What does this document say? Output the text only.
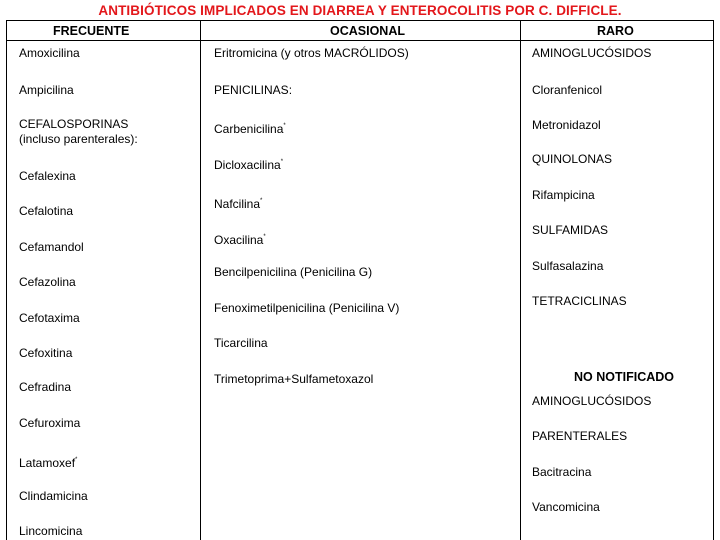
ANTIBIÓTICOS IMPLICADOS EN DIARREA Y ENTEROCOLITIS POR C. DIFFICLE.
FRECUENTE	OCASIONAL	RARO
Amoxicilina
Ampicilina
CEFALOSPORINAS
(incluso parenterales):
Cefalexina
Cefalotina
Cefamandol
Cefazolina
Cefotaxima
Cefoxitina
Cefradina
Cefuroxima
Latamoxef*
Clindamicina
Lincomicina
Eritromicina (y otros MACRÓLIDOS)
PENICILINAS:
Carbenicilina*
Dicloxacilina*
Nafcilina*
Oxacilina*
Bencilpenicilina (Penicilina G)
Fenoximetilpenicilina (Penicilina V)
Ticarcilina
Trimetoprima+Sulfametoxazol
AMINOGLUCÓSIDOS
Cloranfenicol
Metronidazol
QUINOLONAS
Rifampicina
SULFAMIDAS
Sulfasalazina
TETRACICLINAS
NO NOTIFICADO
AMINOGLUCÓSIDOS
PARENTERALES
Bacitracina
Vancomicina
